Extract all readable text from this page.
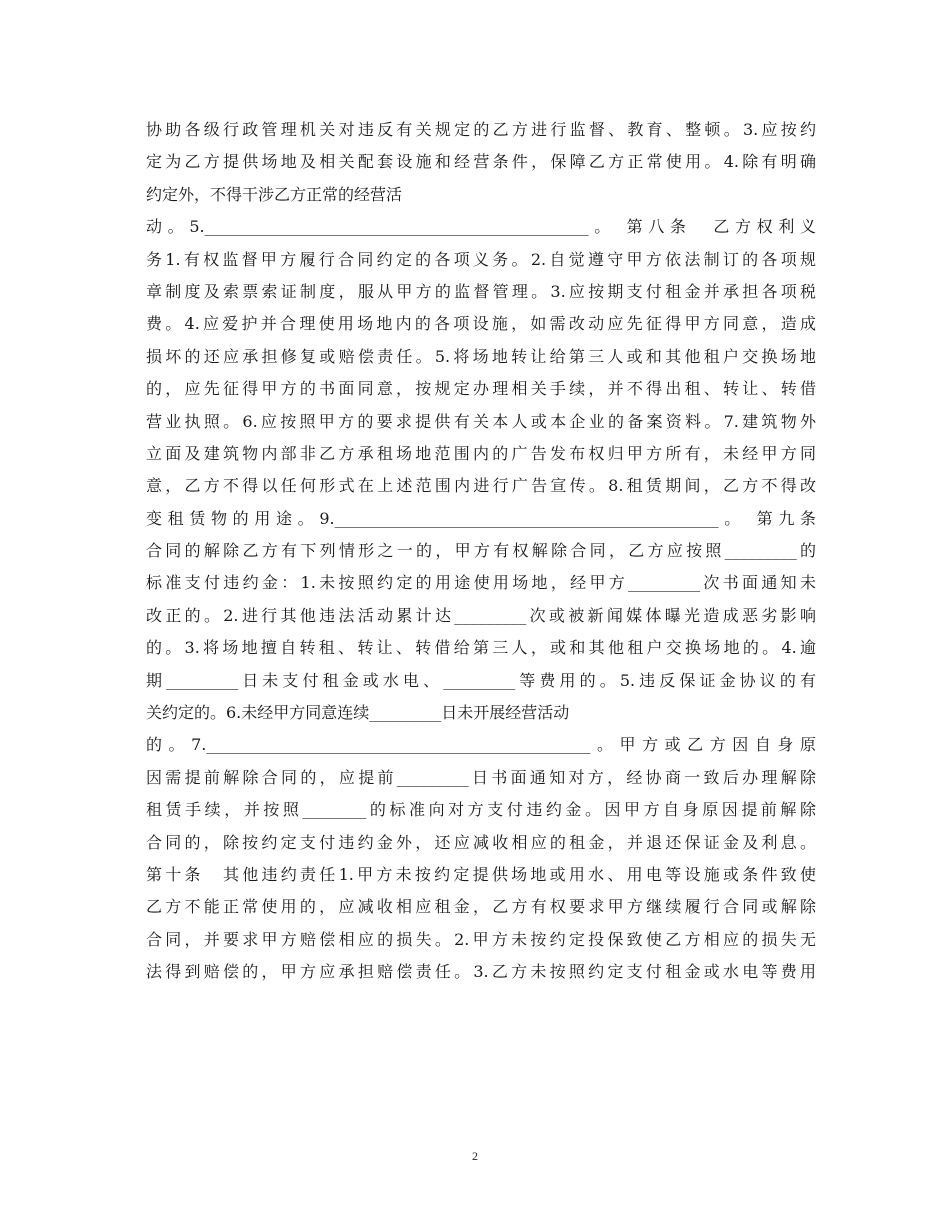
协助各级行政管理机关对违反有关规定的乙方进行监督、教育、整顿。3.应按约
定为乙方提供场地及相关配套设施和经营条件，保障乙方正常使用。4.除有明确
约定外，不得干涉乙方正常的经营活
动。5.________________________________________________。 第八条　乙方权利义
务1.有权监督甲方履行合同约定的各项义务。2.自觉遵守甲方依法制订的各项规
章制度及索票索证制度，服从甲方的监督管理。3.应按期支付租金并承担各项税
费。4.应爱护并合理使用场地内的各项设施，如需改动应先征得甲方同意，造成
损坏的还应承担修复或赔偿责任。5.将场地转让给第三人或和其他租户交换场地
的，应先征得甲方的书面同意，按规定办理相关手续，并不得出租、转让、转借
营业执照。6.应按照甲方的要求提供有关本人或本企业的备案资料。7.建筑物外
立面及建筑物内部非乙方承租场地范围内的广告发布权归甲方所有，未经甲方同
意，乙方不得以任何形式在上述范围内进行广告宣传。8.租赁期间，乙方不得改
变租赁物的用途。9.________________________________________________。 第九条
合同的解除乙方有下列情形之一的，甲方有权解除合同，乙方应按照_________的
标准支付违约金：1.未按照约定的用途使用场地，经甲方_________次书面通知未
改正的。2.进行其他违法活动累计达_________次或被新闻媒体曝光造成恶劣影响
的。3.将场地擅自转租、转让、转借给第三人，或和其他租户交换场地的。4.逾
期_________日未支付租金或水电、_________等费用的。5.违反保证金协议的有
关约定的。6.未经甲方同意连续_________日未开展经营活动
的。7.________________________________________________。甲方或乙方因自身原
因需提前解除合同的，应提前_________日书面通知对方，经协商一致后办理解除
租赁手续，并按照________的标准向对方支付违约金。因甲方自身原因提前解除
合同的，除按约定支付违约金外，还应减收相应的租金，并退还保证金及利息。
第十条　其他违约责任1.甲方未按约定提供场地或用水、用电等设施或条件致使
乙方不能正常使用的，应减收相应租金，乙方有权要求甲方继续履行合同或解除
合同，并要求甲方赔偿相应的损失。2.甲方未按约定投保致使乙方相应的损失无
法得到赔偿的，甲方应承担赔偿责任。3.乙方未按照约定支付租金或水电等费用
2
